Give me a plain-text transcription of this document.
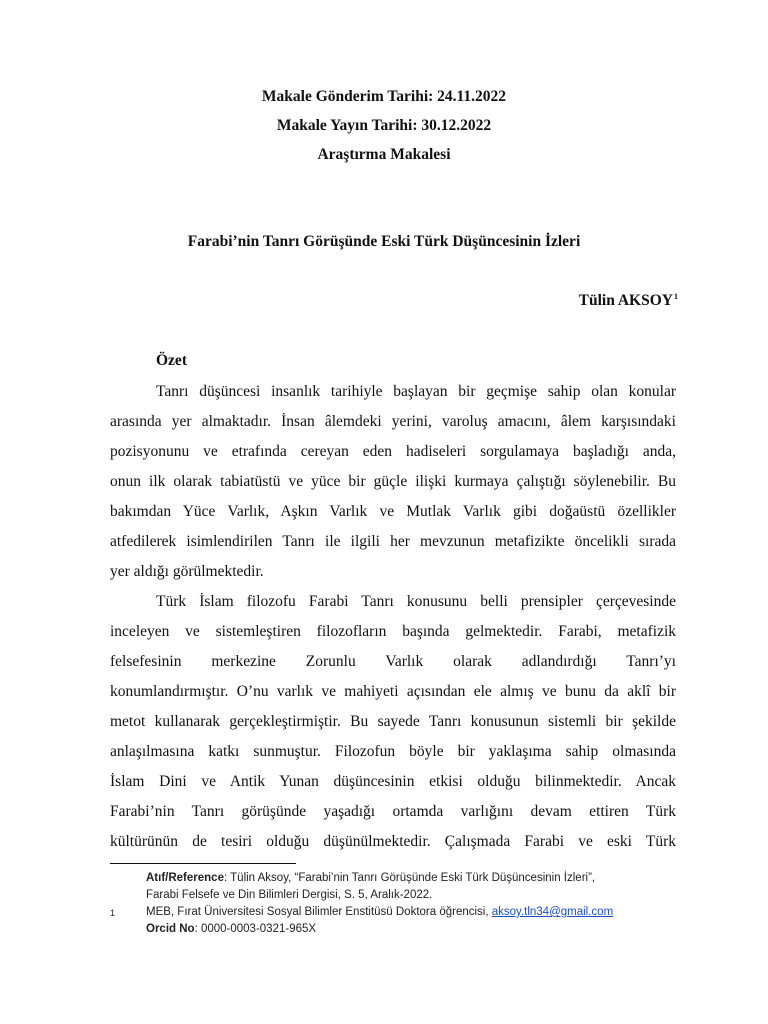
Makale Gönderim Tarihi: 24.11.2022
Makale Yayın Tarihi: 30.12.2022
Araştırma Makalesi
Farabi’nin Tanrı Görüşünde Eski Türk Düşüncesinin İzleri
Tülin AKSOY$^1$
Özet
Tanrı düşüncesi insanlık tarihiyle başlayan bir geçmişe sahip olan konular
arasında yer almaktadır. İnsan âlemdeki yerini, varoluş amacını, âlem karşısındaki
pozisyonunu ve etrafında cereyan eden hadiseleri sorgulamaya başladığı anda,
onun ilk olarak tabiatüstü ve yüce bir güçle ilişki kurmaya çalıştığı söylenebilir. Bu
bakımdan Yüce Varlık, Aşkın Varlık ve Mutlak Varlık gibi doğaüstü özellikler
atfedilerek isimlendirilen Tanrı ile ilgili her mevzunun metafizikte öncelikli sırada
yer aldığı görülmektedir.
Türk İslam filozofu Farabi Tanrı konusunu belli prensipler çerçevesinde
inceleyen ve sistemleştiren filozofların başında gelmektedir. Farabi, metafizik
felsefesinin merkezine Zorunlu Varlık olarak adlandırdığı Tanrı’yı
konumlandırmıştır. O’nu varlık ve mahiyeti açısından ele almış ve bunu da aklî bir
metot kullanarak gerçekleştirmiştir. Bu sayede Tanrı konusunun sistemli bir şekilde
anlaşılmasına katkı sunmuştur. Filozofun böyle bir yaklaşıma sahip olmasında
İslam Dini ve Antik Yunan düşüncesinin etkisi olduğu bilinmektedir. Ancak
Farabi’nin Tanrı görüşünde yaşadığı ortamda varlığını devam ettiren Türk
kültürünün de tesiri olduğu düşünülmektedir. Çalışmada Farabi ve eski Türk
Atıf/Reference: Tülin Aksoy, “Farabi’nin Tanrı Görüşünde Eski Türk Düşüncesinin İzleri”,
Farabi Felsefe ve Din Bilimleri Dergisi, S. 5, Aralık-2022.
1	MEB, Fırat Üniversitesi Sosyal Bilimler Enstitüsü Doktora öğrencisi, aksoy.tln34@gmail.com
Orcid No: 0000-0003-0321-965X
